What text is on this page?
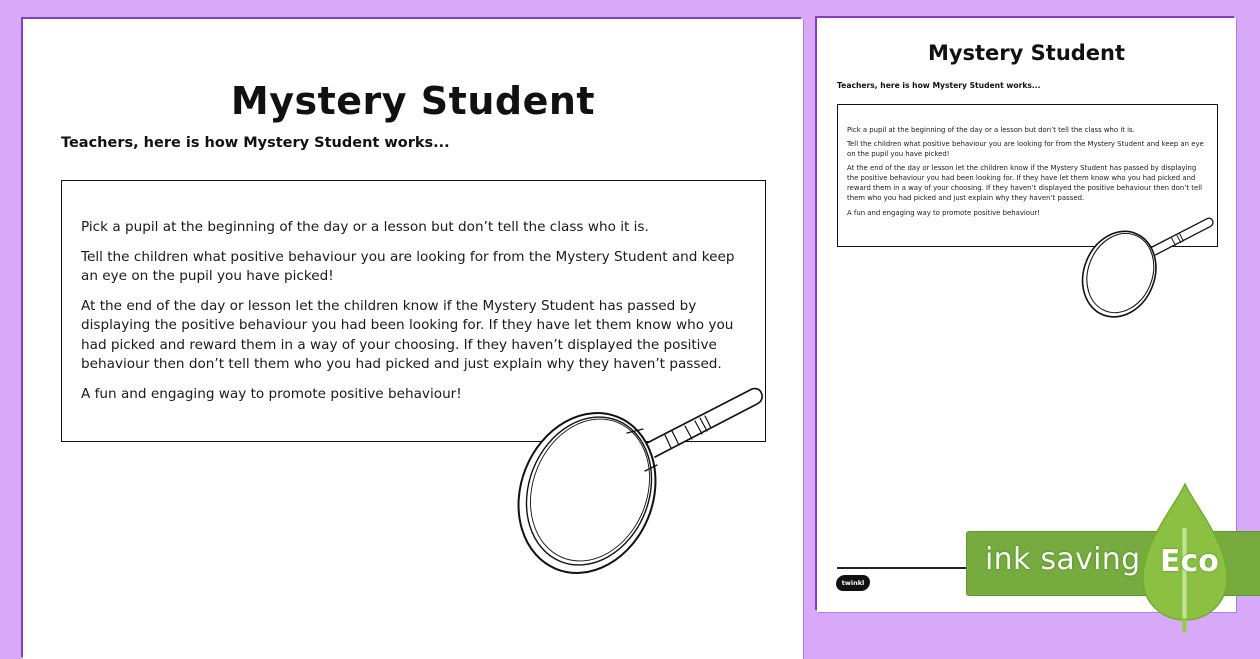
Mystery Student
Teachers, here is how Mystery Student works...

Pick a pupil at the beginning of the day or a lesson but don’t tell the class who it is.

Tell the children what positive behaviour you are looking for from the Mystery Student and keep an eye on the pupil you have picked!

At the end of the day or lesson let the children know if the Mystery Student has passed by displaying the positive behaviour you had been looking for. If they have let them know who you had picked and reward them in a way of your choosing. If they haven’t displayed the positive behaviour then don’t tell them who you had picked and just explain why they haven’t passed.

A fun and engaging way to promote positive behaviour!

Mystery Student
Teachers, here is how Mystery Student works...

Pick a pupil at the beginning of the day or a lesson but don’t tell the class who it is.

Tell the children what positive behaviour you are looking for from the Mystery Student and keep an eye on the pupil you have picked!

At the end of the day or lesson let the children know if the Mystery Student has passed by displaying the positive behaviour you had been looking for. If they have let them know who you had picked and reward them in a way of your choosing. If they haven’t displayed the positive behaviour then don’t tell them who you had picked and just explain why they haven’t passed.

A fun and engaging way to promote positive behaviour!

twinkl
ink saving Eco
